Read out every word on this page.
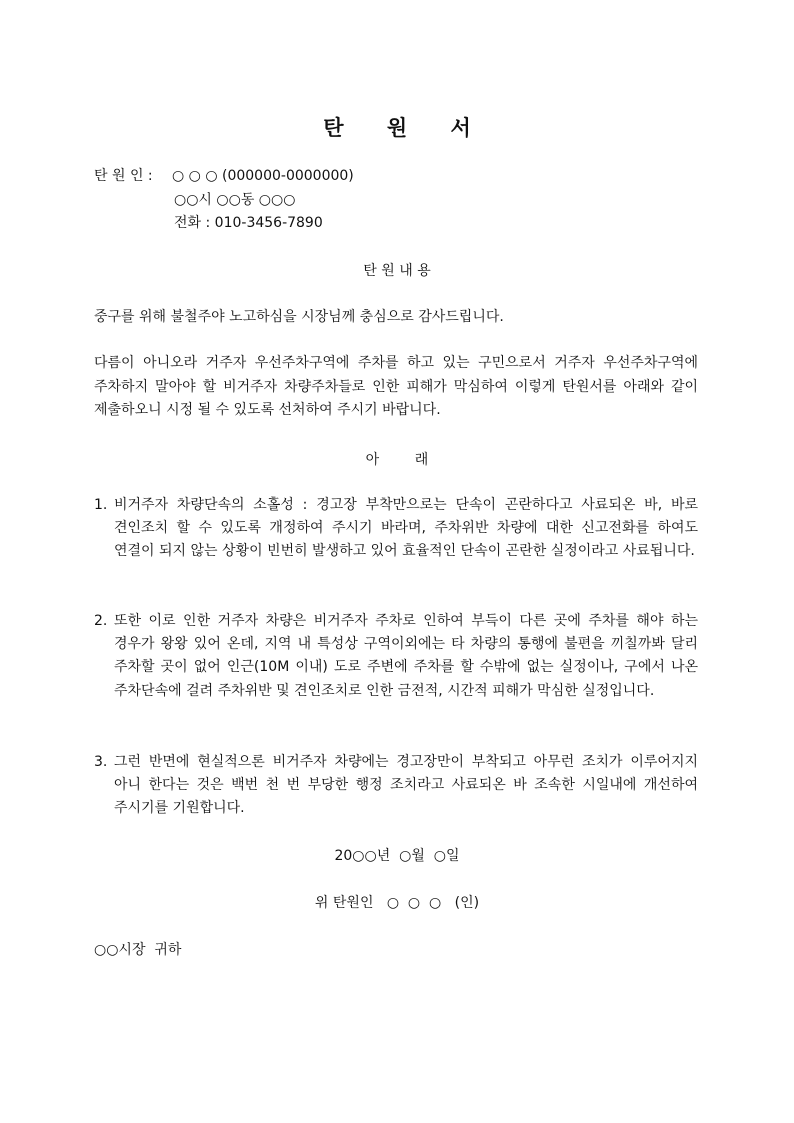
탄 원 서
탄 원 인 : ○ ○ ○ (000000-0000000)
○○시 ○○동 ○○○
전화 : 010-3456-7890
탄 원 내 용
중구를 위해 불철주야 노고하심을 시장님께 충심으로 감사드립니다.
다름이 아니오라 거주자 우선주차구역에 주차를 하고 있는 구민으로서 거주자 우선주차구역에 주차하지 말아야 할 비거주자 차량주차들로 인한 피해가 막심하여 이렇게 탄원서를 아래와 같이 제출하오니 시정 될 수 있도록 선처하여 주시기 바랍니다.
아        래
1. 비거주자 차량단속의 소홀성 : 경고장 부착만으로는 단속이 곤란하다고 사료되온 바, 바로 견인조치 할 수 있도록 개정하여 주시기 바라며, 주차위반 차량에 대한 신고전화를 하여도 연결이 되지 않는 상황이 빈번히 발생하고 있어 효율적인 단속이 곤란한 실정이라고 사료됩니다.
2. 또한 이로 인한 거주자 차량은 비거주자 주차로 인하여 부득이 다른 곳에 주차를 해야 하는 경우가 왕왕 있어 온데, 지역 내 특성상 구역이외에는 타 차량의 통행에 불편을 끼칠까봐 달리 주차할 곳이 없어 인근(10M 이내) 도로 주변에 주차를 할 수밖에 없는 실정이나, 구에서 나온 주차단속에 걸려 주차위반 및 견인조치로 인한 금전적, 시간적 피해가 막심한 실정입니다.
3. 그런 반면에 현실적으론 비거주자 차량에는 경고장만이 부착되고 아무런 조치가 이루어지지 아니 한다는 것은 백번 천 번 부당한 행정 조치라고 사료되온 바 조속한 시일내에 개선하여 주시기를 기원합니다.
20○○년  ○월  ○일
위 탄원인   ○  ○  ○   (인)
○○시장  귀하
